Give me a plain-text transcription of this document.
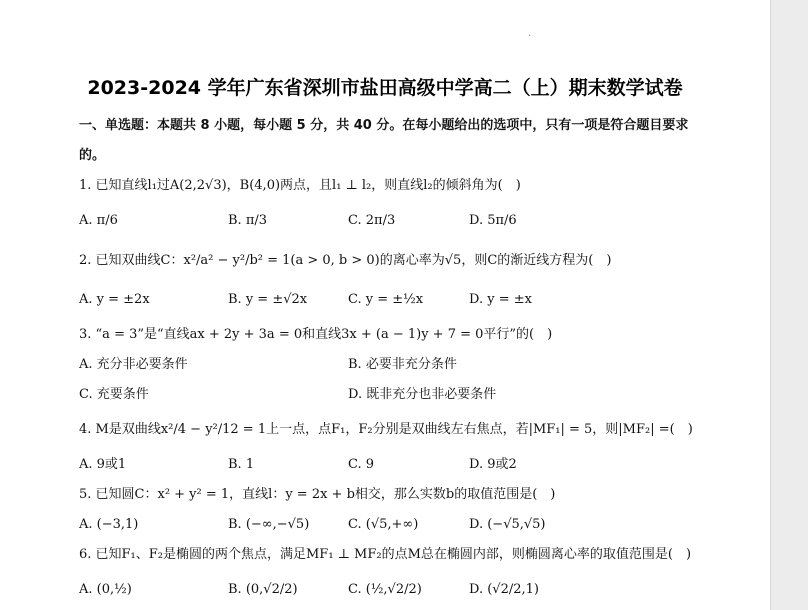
·
2023-2024 学年广东省深圳市盐田高级中学高二（上）期末数学试卷
一、单选题：本题共 8 小题，每小题 5 分，共 40 分。在每小题给出的选项中，只有一项是符合题目要求
的。
1. 已知直线l₁过A(2,2√3)，B(4,0)两点，且l₁ ⊥ l₂，则直线l₂的倾斜角为(　)
A. π/6	B. π/3	C. 2π/3	D. 5π/6
2. 已知双曲线C：x²/a² − y²/b² = 1(a > 0, b > 0)的离心率为√5，则C的渐近线方程为(　)
A. y = ±2x	B. y = ±√2x	C. y = ±½x	D. y = ±x
3. “a = 3”是“直线ax + 2y + 3a = 0和直线3x + (a − 1)y + 7 = 0平行”的(　)
A. 充分非必要条件	B. 必要非充分条件
C. 充要条件	D. 既非充分也非必要条件
4. M是双曲线x²/4 − y²/12 = 1上一点，点F₁，F₂分别是双曲线左右焦点，若|MF₁| = 5，则|MF₂| =(　)
A. 9或1	B. 1	C. 9	D. 9或2
5. 已知圆C：x² + y² = 1，直线l：y = 2x + b相交，那么实数b的取值范围是(　)
A. (−3,1)	B. (−∞,−√5)	C. (√5,+∞)	D. (−√5,√5)
6. 已知F₁、F₂是椭圆的两个焦点，满足MF₁ ⊥ MF₂的点M总在椭圆内部，则椭圆离心率的取值范围是(　)
A. (0,½)	B. (0,√2/2)	C. (½,√2/2)	D. (√2/2,1)
